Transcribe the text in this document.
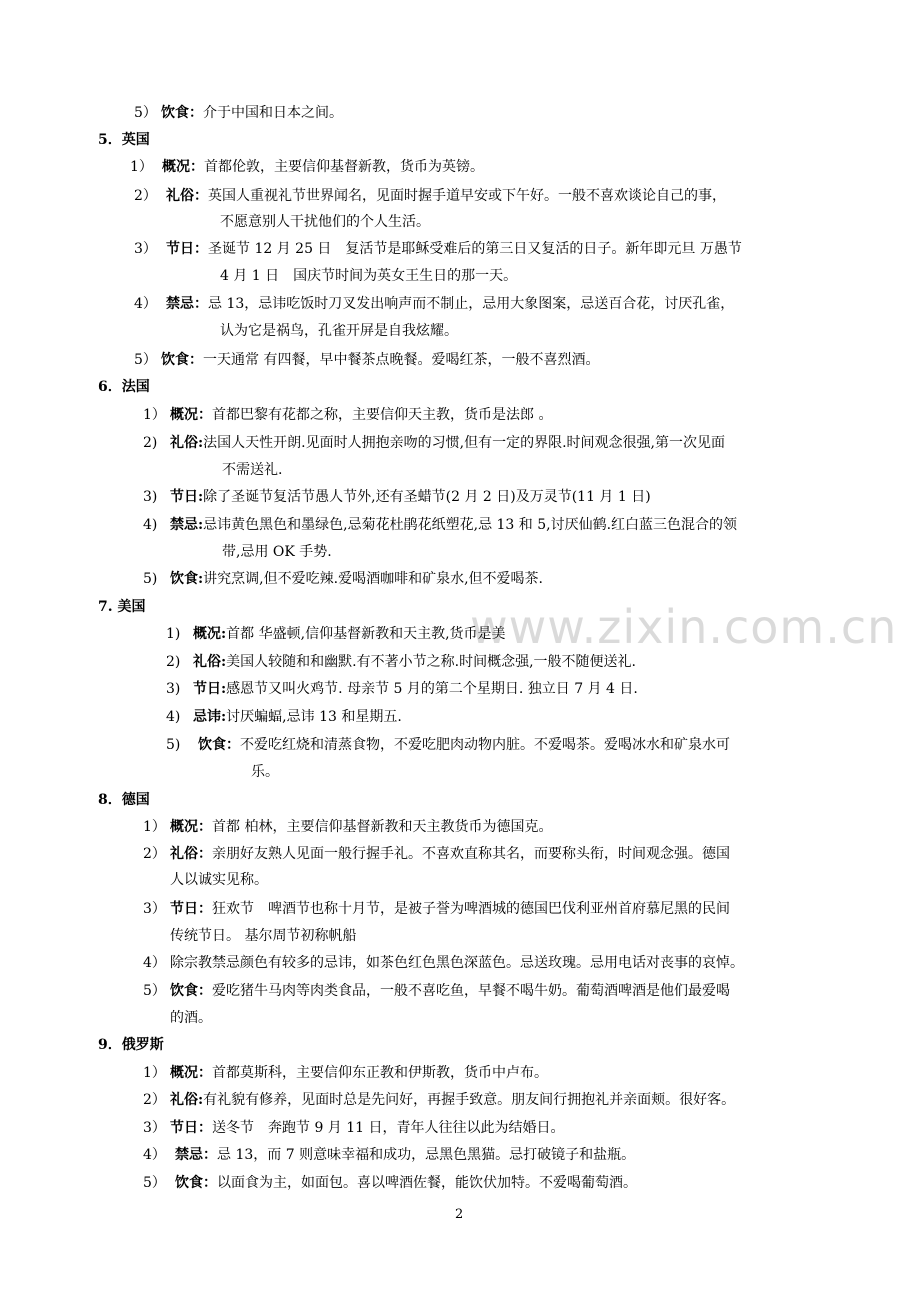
www.zixin.com.cn
5） 饮食：介于中国和日本之间。
5．英国
1） 概况：首都伦敦，主要信仰基督新教，货币为英镑。
2） 礼俗：英国人重视礼节世界闻名，见面时握手道早安或下午好。一般不喜欢谈论自己的事，
不愿意别人干扰他们的个人生活。
3） 节日：圣诞节 12 月 25 日　复活节是耶稣受难后的第三日又复活的日子。新年即元旦 万愚节
4 月 1 日　国庆节时间为英女王生日的那一天。
4） 禁忌：忌 13，忌讳吃饭时刀叉发出响声而不制止，忌用大象图案，忌送百合花，讨厌孔雀，
认为它是祸鸟，孔雀开屏是自我炫耀。
5） 饮食：一天通常 有四餐，早中餐茶点晚餐。爱喝红茶，一般不喜烈酒。
6．法国
1） 概况：首都巴黎有花都之称，主要信仰天主教，货币是法郎 。
2) 礼俗:法国人天性开朗.见面时人拥抱亲吻的习惯,但有一定的界限.时间观念很强,第一次见面
不需送礼.
3) 节日:除了圣诞节复活节愚人节外,还有圣蜡节(2 月 2 日)及万灵节(11 月 1 日)
4) 禁忌:忌讳黄色黑色和墨绿色,忌菊花杜鹃花纸塑花,忌 13 和 5,讨厌仙鹤.红白蓝三色混合的领
带,忌用 OK 手势.
5) 饮食:讲究烹调,但不爱吃辣.爱喝酒咖啡和矿泉水,但不爱喝茶.
7. 美国
1) 概况:首都 华盛顿,信仰基督新教和天主教,货币是美
2) 礼俗:美国人较随和和幽默.有不著小节之称.时间概念强,一般不随便送礼.
3) 节日:感恩节又叫火鸡节. 母亲节 5 月的第二个星期日. 独立日 7 月 4 日.
4) 忌讳:讨厌蝙蝠,忌讳 13 和星期五.
5) 饮食：不爱吃红烧和清蒸食物，不爱吃肥肉动物内脏。不爱喝茶。爱喝冰水和矿泉水可
乐。
8．德国
1） 概况：首都 柏林，主要信仰基督新教和天主教货币为德国克。
2） 礼俗：亲朋好友熟人见面一般行握手礼。不喜欢直称其名，而要称头衔，时间观念强。德国
人以诚实见称。
3） 节日：狂欢节　啤酒节也称十月节，是被子誉为啤酒城的德国巴伐利亚州首府慕尼黑的民间
传统节日。 基尔周节初称帆船
4） 除宗教禁忌颜色有较多的忌讳，如茶色红色黑色深蓝色。忌送玫瑰。忌用电话对丧事的哀悼。
5） 饮食：爱吃猪牛马肉等肉类食品，一般不喜吃鱼，早餐不喝牛奶。葡萄酒啤酒是他们最爱喝
的酒。
9．俄罗斯
1） 概况：首都莫斯科，主要信仰东正教和伊斯教，货币中卢布。
2） 礼俗:有礼貌有修养，见面时总是先问好，再握手致意。朋友间行拥抱礼并亲面颊。很好客。
3） 节日：送冬节　奔跑节 9 月 11 日，青年人往往以此为结婚日。
4） 禁忌：忌 13，而 7 则意味幸福和成功，忌黑色黑猫。忌打破镜子和盐瓶。
5） 饮食：以面食为主，如面包。喜以啤酒佐餐，能饮伏加特。不爱喝葡萄酒。
2
